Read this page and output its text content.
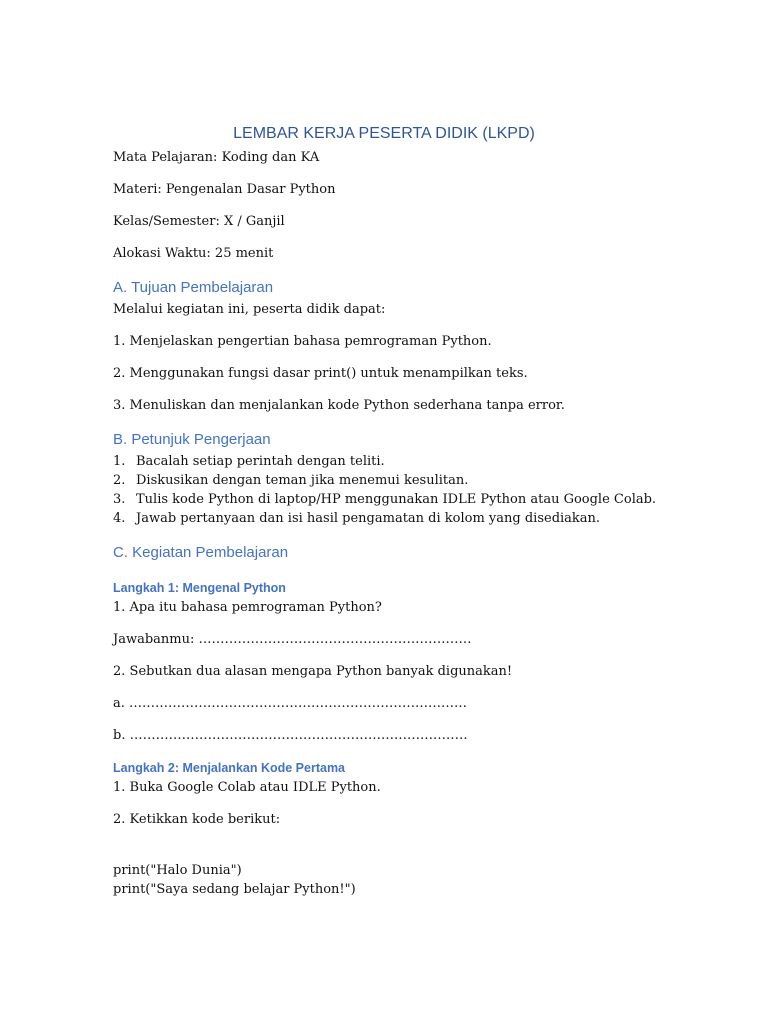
LEMBAR KERJA PESERTA DIDIK (LKPD)
Mata Pelajaran: Koding dan KA
Materi: Pengenalan Dasar Python
Kelas/Semester: X / Ganjil
Alokasi Waktu: 25 menit
A. Tujuan Pembelajaran
Melalui kegiatan ini, peserta didik dapat:
1. Menjelaskan pengertian bahasa pemrograman Python.
2. Menggunakan fungsi dasar print() untuk menampilkan teks.
3. Menuliskan dan menjalankan kode Python sederhana tanpa error.
B. Petunjuk Pengerjaan
1. Bacalah setiap perintah dengan teliti.
2. Diskusikan dengan teman jika menemui kesulitan.
3. Tulis kode Python di laptop/HP menggunakan IDLE Python atau Google Colab.
4. Jawab pertanyaan dan isi hasil pengamatan di kolom yang disediakan.
C. Kegiatan Pembelajaran
Langkah 1: Mengenal Python
1. Apa itu bahasa pemrograman Python?
Jawabanmu: ………………………………………………………
2. Sebutkan dua alasan mengapa Python banyak digunakan!
a. ……………………………………………………………………
b. ……………………………………………………………………
Langkah 2: Menjalankan Kode Pertama
1. Buka Google Colab atau IDLE Python.
2. Ketikkan kode berikut:
print("Halo Dunia")
print("Saya sedang belajar Python!")
